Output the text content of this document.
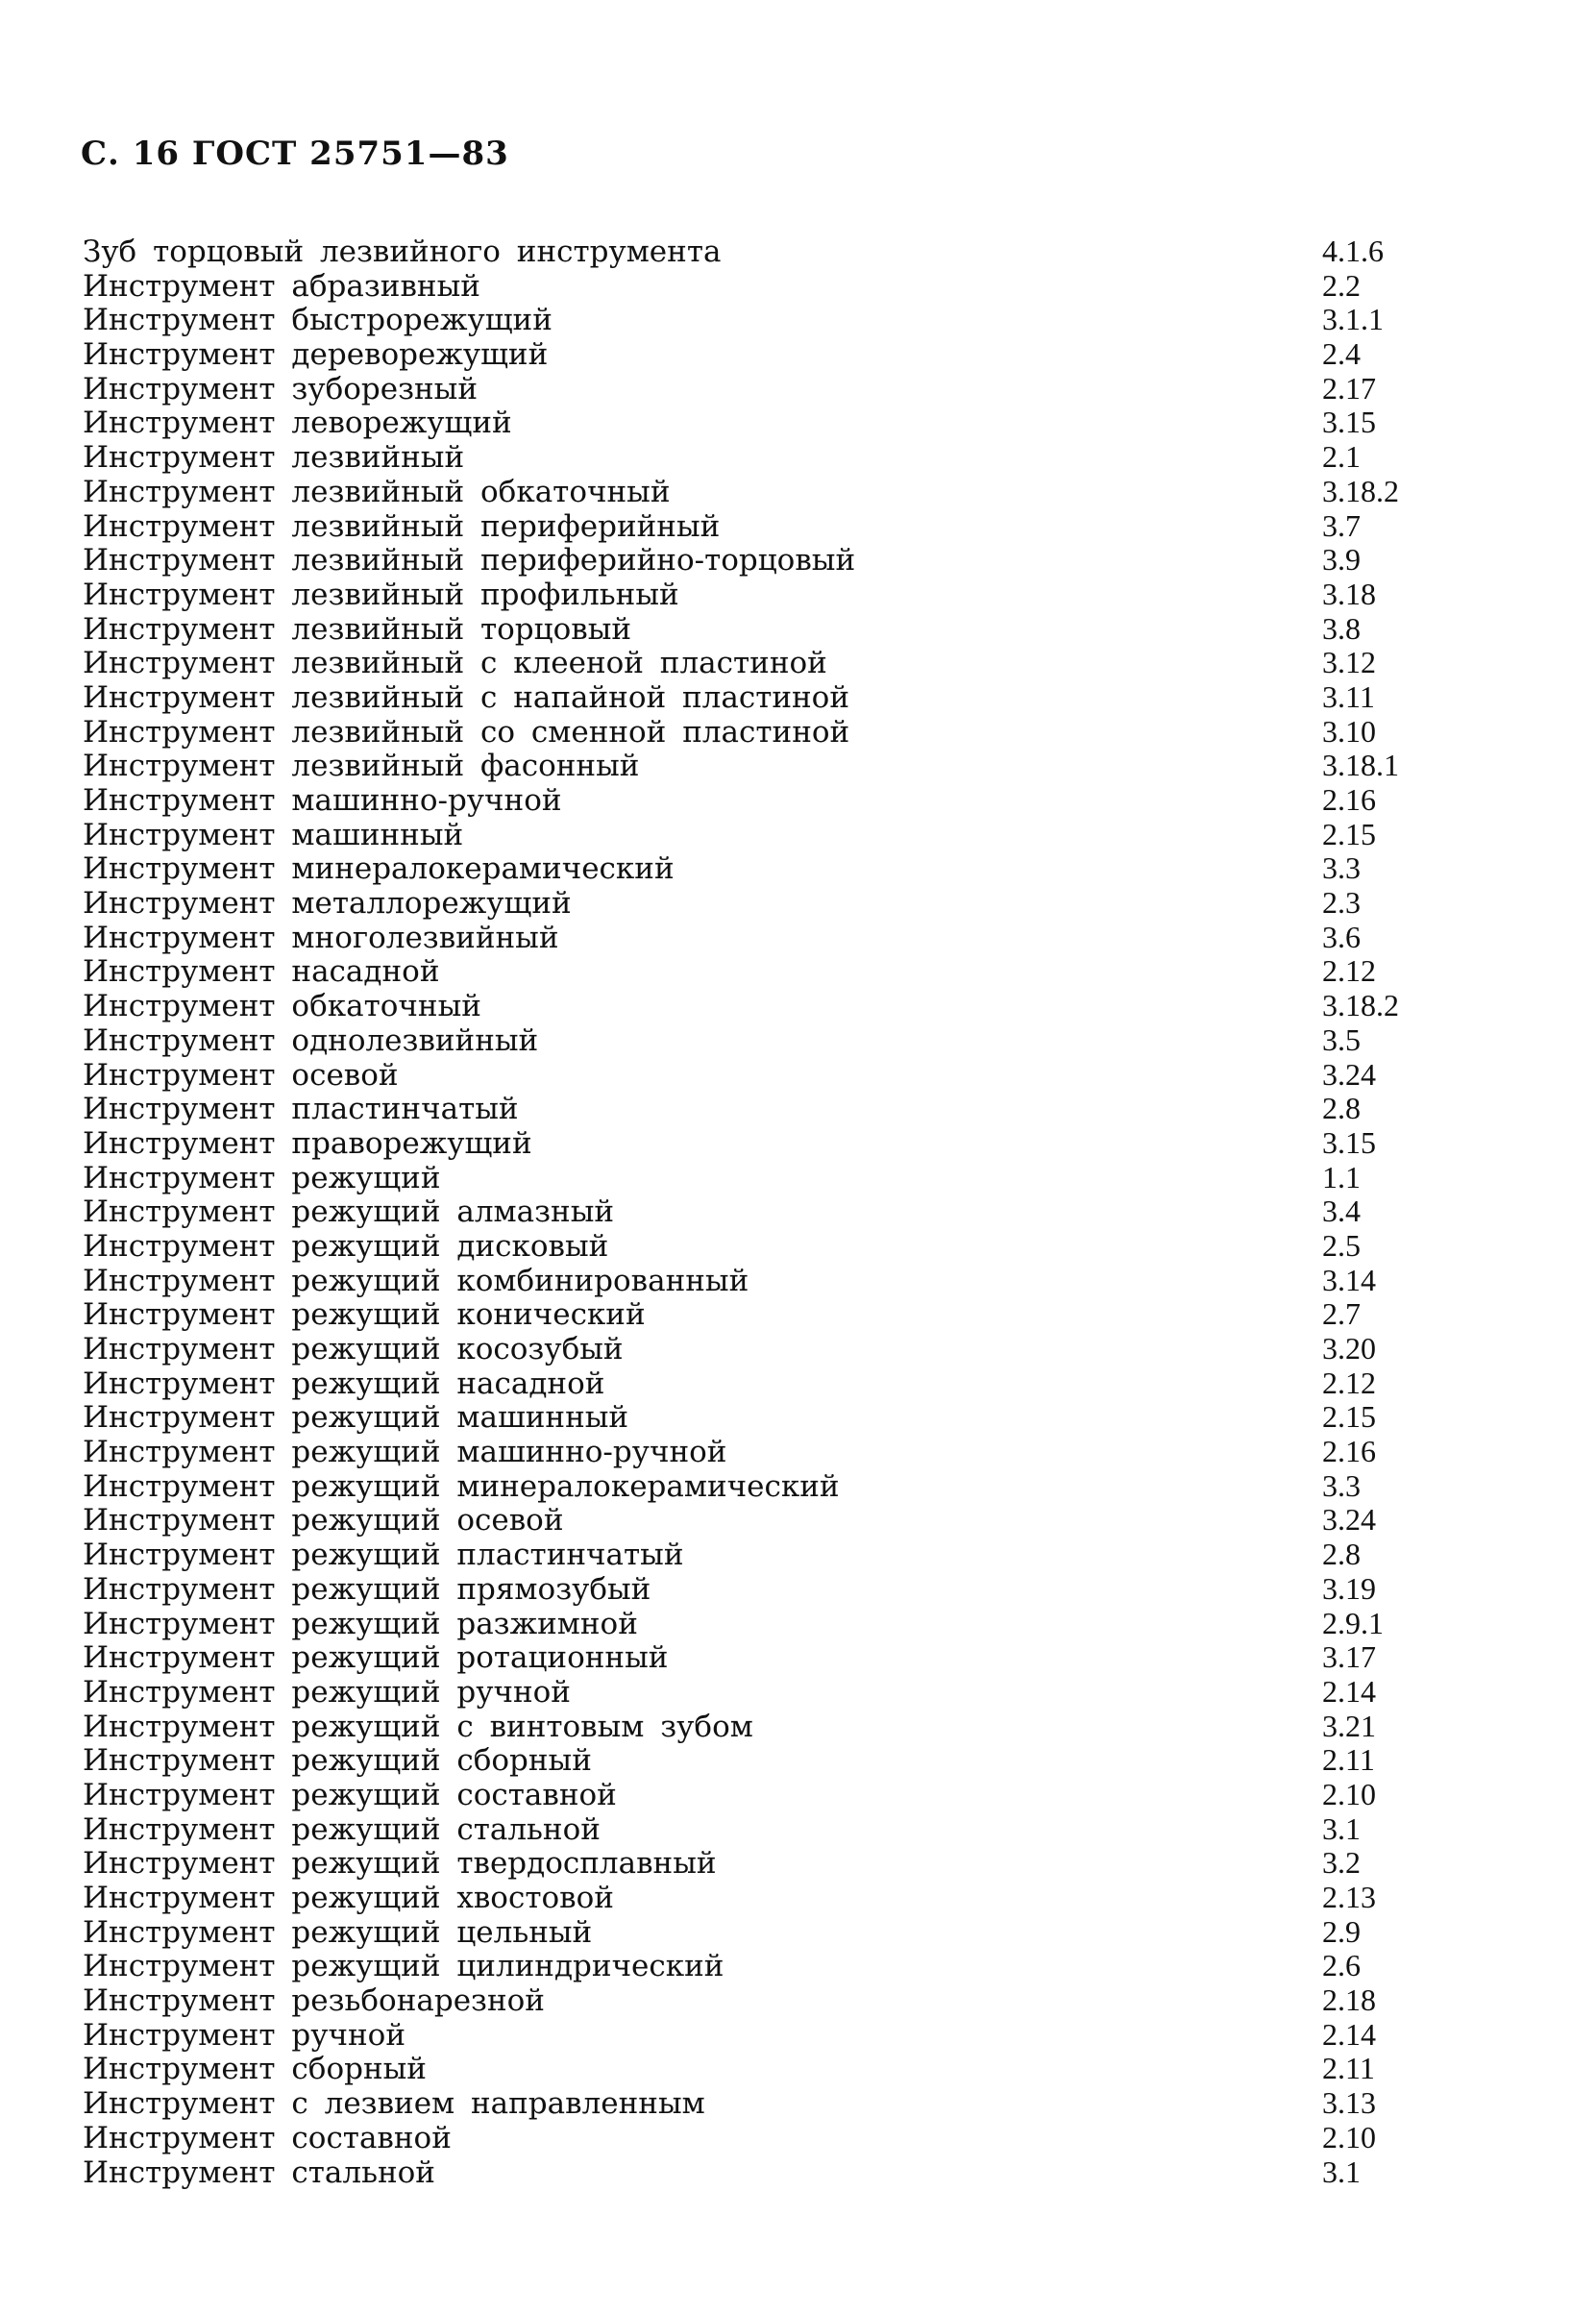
С. 16 ГОСТ 25751—83
Зуб торцовый лезвийного инструмента	4.1.6
Инструмент абразивный	2.2
Инструмент быстрорежущий	3.1.1
Инструмент дереворежущий	2.4
Инструмент зуборезный	2.17
Инструмент леворежущий	3.15
Инструмент лезвийный	2.1
Инструмент лезвийный обкаточный	3.18.2
Инструмент лезвийный периферийный	3.7
Инструмент лезвийный периферийно-торцовый	3.9
Инструмент лезвийный профильный	3.18
Инструмент лезвийный торцовый	3.8
Инструмент лезвийный с клееной пластиной	3.12
Инструмент лезвийный с напайной пластиной	3.11
Инструмент лезвийный со сменной пластиной	3.10
Инструмент лезвийный фасонный	3.18.1
Инструмент машинно-ручной	2.16
Инструмент машинный	2.15
Инструмент минералокерамический	3.3
Инструмент металлорежущий	2.3
Инструмент многолезвийный	3.6
Инструмент насадной	2.12
Инструмент обкаточный	3.18.2
Инструмент однолезвийный	3.5
Инструмент осевой	3.24
Инструмент пластинчатый	2.8
Инструмент праворежущий	3.15
Инструмент режущий	1.1
Инструмент режущий алмазный	3.4
Инструмент режущий дисковый	2.5
Инструмент режущий комбинированный	3.14
Инструмент режущий конический	2.7
Инструмент режущий косозубый	3.20
Инструмент режущий насадной	2.12
Инструмент режущий машинный	2.15
Инструмент режущий машинно-ручной	2.16
Инструмент режущий минералокерамический	3.3
Инструмент режущий осевой	3.24
Инструмент режущий пластинчатый	2.8
Инструмент режущий прямозубый	3.19
Инструмент режущий разжимной	2.9.1
Инструмент режущий ротационный	3.17
Инструмент режущий ручной	2.14
Инструмент режущий с винтовым зубом	3.21
Инструмент режущий сборный	2.11
Инструмент режущий составной	2.10
Инструмент режущий стальной	3.1
Инструмент режущий твердосплавный	3.2
Инструмент режущий хвостовой	2.13
Инструмент режущий цельный	2.9
Инструмент режущий цилиндрический	2.6
Инструмент резьбонарезной	2.18
Инструмент ручной	2.14
Инструмент сборный	2.11
Инструмент с лезвием направленным	3.13
Инструмент составной	2.10
Инструмент стальной	3.1
